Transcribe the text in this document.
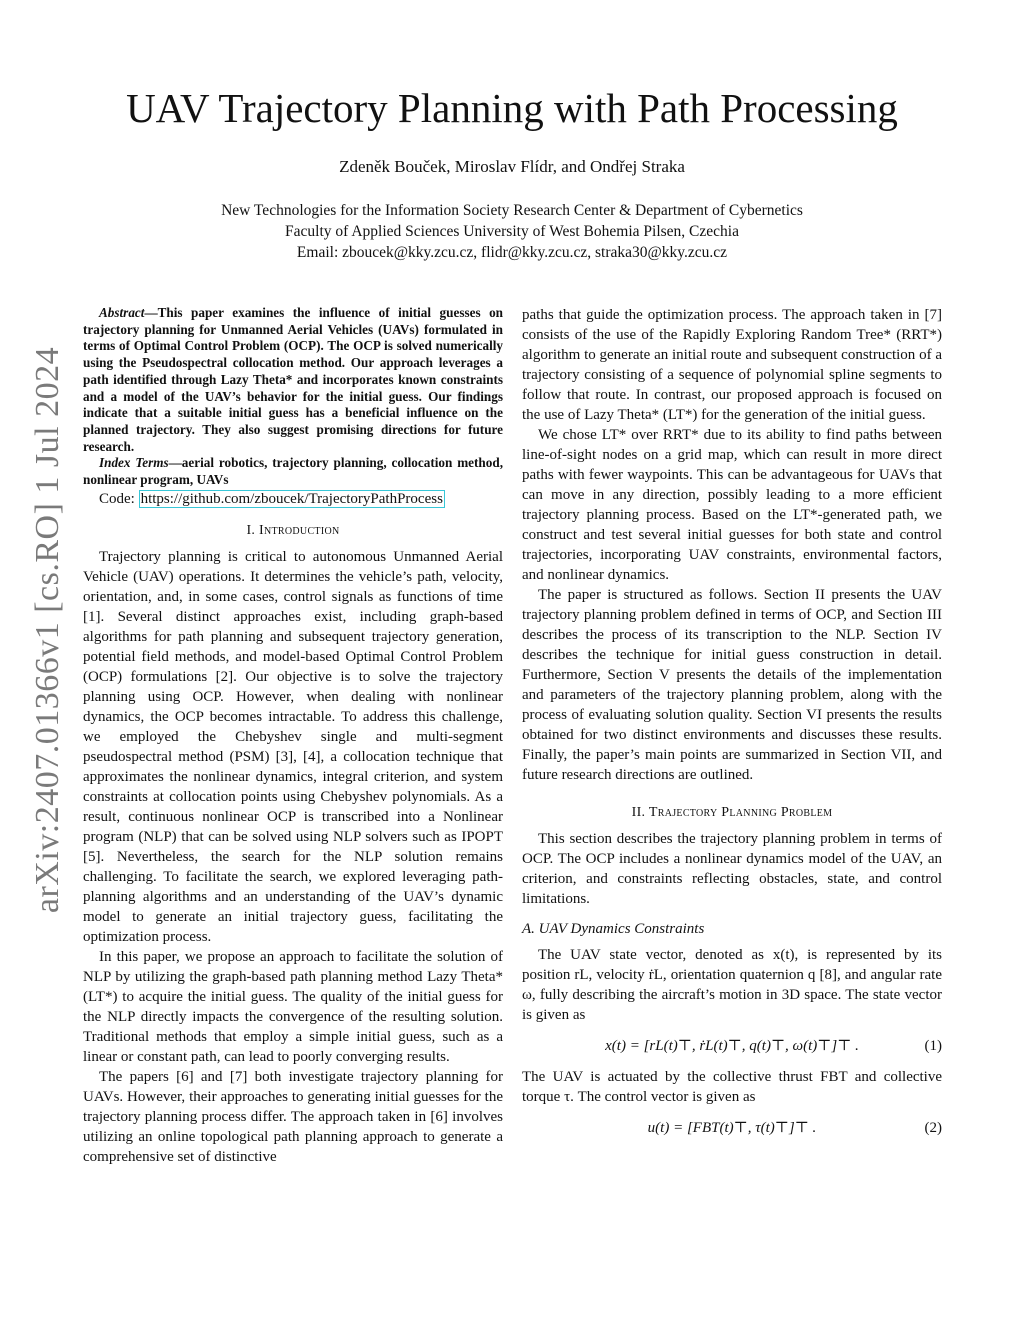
UAV Trajectory Planning with Path Processing
Zdeněk Bouček, Miroslav Flídr, and Ondřej Straka
New Technologies for the Information Society Research Center & Department of Cybernetics
Faculty of Applied Sciences University of West Bohemia Pilsen, Czechia
Email: zboucek@kky.zcu.cz, flidr@kky.zcu.cz, straka30@kky.zcu.cz
arXiv:2407.01366v1 [cs.RO] 1 Jul 2024

Abstract—This paper examines the influence of initial guesses on trajectory planning for Unmanned Aerial Vehicles (UAVs) formulated in terms of Optimal Control Problem (OCP). The OCP is solved numerically using the Pseudospectral collocation method. Our approach leverages a path identified through Lazy Theta* and incorporates known constraints and a model of the UAV’s behavior for the initial guess. Our findings indicate that a suitable initial guess has a beneficial influence on the planned trajectory. They also suggest promising directions for future research.

Index Terms—aerial robotics, trajectory planning, collocation method, nonlinear program, UAVs

Code: https://github.com/zboucek/TrajectoryPathProcess

I. Introduction

Trajectory planning is critical to autonomous Unmanned Aerial Vehicle (UAV) operations. It determines the vehicle’s path, velocity, orientation, and, in some cases, control signals as functions of time [1]. Several distinct approaches exist, including graph-based algorithms for path planning and subsequent trajectory generation, potential field methods, and model-based Optimal Control Problem (OCP) formulations [2]. Our objective is to solve the trajectory planning using OCP. However, when dealing with nonlinear dynamics, the OCP becomes intractable. To address this challenge, we employed the Chebyshev single and multi-segment pseudospectral method (PSM) [3], [4], a collocation technique that approximates the nonlinear dynamics, integral criterion, and system constraints at collocation points using Chebyshev polynomials. As a result, continuous nonlinear OCP is transcribed into a Nonlinear program (NLP) that can be solved using NLP solvers such as IPOPT [5]. Nevertheless, the search for the NLP solution remains challenging. To facilitate the search, we explored leveraging path-planning algorithms and an understanding of the UAV’s dynamic model to generate an initial trajectory guess, facilitating the optimization process.

In this paper, we propose an approach to facilitate the solution of NLP by utilizing the graph-based path planning method Lazy Theta* (LT*) to acquire the initial guess. The quality of the initial guess for the NLP directly impacts the convergence of the resulting solution. Traditional methods that employ a simple initial guess, such as a linear or constant path, can lead to poorly converging results.

The papers [6] and [7] both investigate trajectory planning for UAVs. However, their approaches to generating initial guesses for the trajectory planning process differ. The approach taken in [6] involves utilizing an online topological path planning approach to generate a comprehensive set of distinctive

paths that guide the optimization process. The approach taken in [7] consists of the use of the Rapidly Exploring Random Tree* (RRT*) algorithm to generate an initial route and subsequent construction of a trajectory consisting of a sequence of polynomial spline segments to follow that route. In contrast, our proposed approach is focused on the use of Lazy Theta* (LT*) for the generation of the initial guess.

We chose LT* over RRT* due to its ability to find paths between line-of-sight nodes on a grid map, which can result in more direct paths with fewer waypoints. This can be advantageous for UAVs that can move in any direction, possibly leading to a more efficient trajectory planning process. Based on the LT*-generated path, we construct and test several initial guesses for both state and control trajectories, incorporating UAV constraints, environmental factors, and nonlinear dynamics.

The paper is structured as follows. Section II presents the UAV trajectory planning problem defined in terms of OCP, and Section III describes the process of its transcription to the NLP. Section IV describes the technique for initial guess construction in detail. Furthermore, Section V presents the details of the implementation and parameters of the trajectory planning problem, along with the process of evaluating solution quality. Section VI presents the results obtained for two distinct environments and discusses these results. Finally, the paper’s main points are summarized in Section VII, and future research directions are outlined.

II. Trajectory Planning Problem

This section describes the trajectory planning problem in terms of OCP. The OCP includes a nonlinear dynamics model of the UAV, an criterion, and constraints reflecting obstacles, state, and control limitations.

A. UAV Dynamics Constraints

The UAV state vector, denoted as x(t), is represented by its position rL, velocity ṙL, orientation quaternion q [8], and angular rate ω, fully describing the aircraft’s motion in 3D space. The state vector is given as

x(t) = [rL(t)⊤, ṙL(t)⊤, q(t)⊤, ω(t)⊤]⊤ .	(1)

The UAV is actuated by the collective thrust FBT and collective torque τ. The control vector is given as

u(t) = [FBT(t)⊤, τ(t)⊤]⊤ .	(2)
